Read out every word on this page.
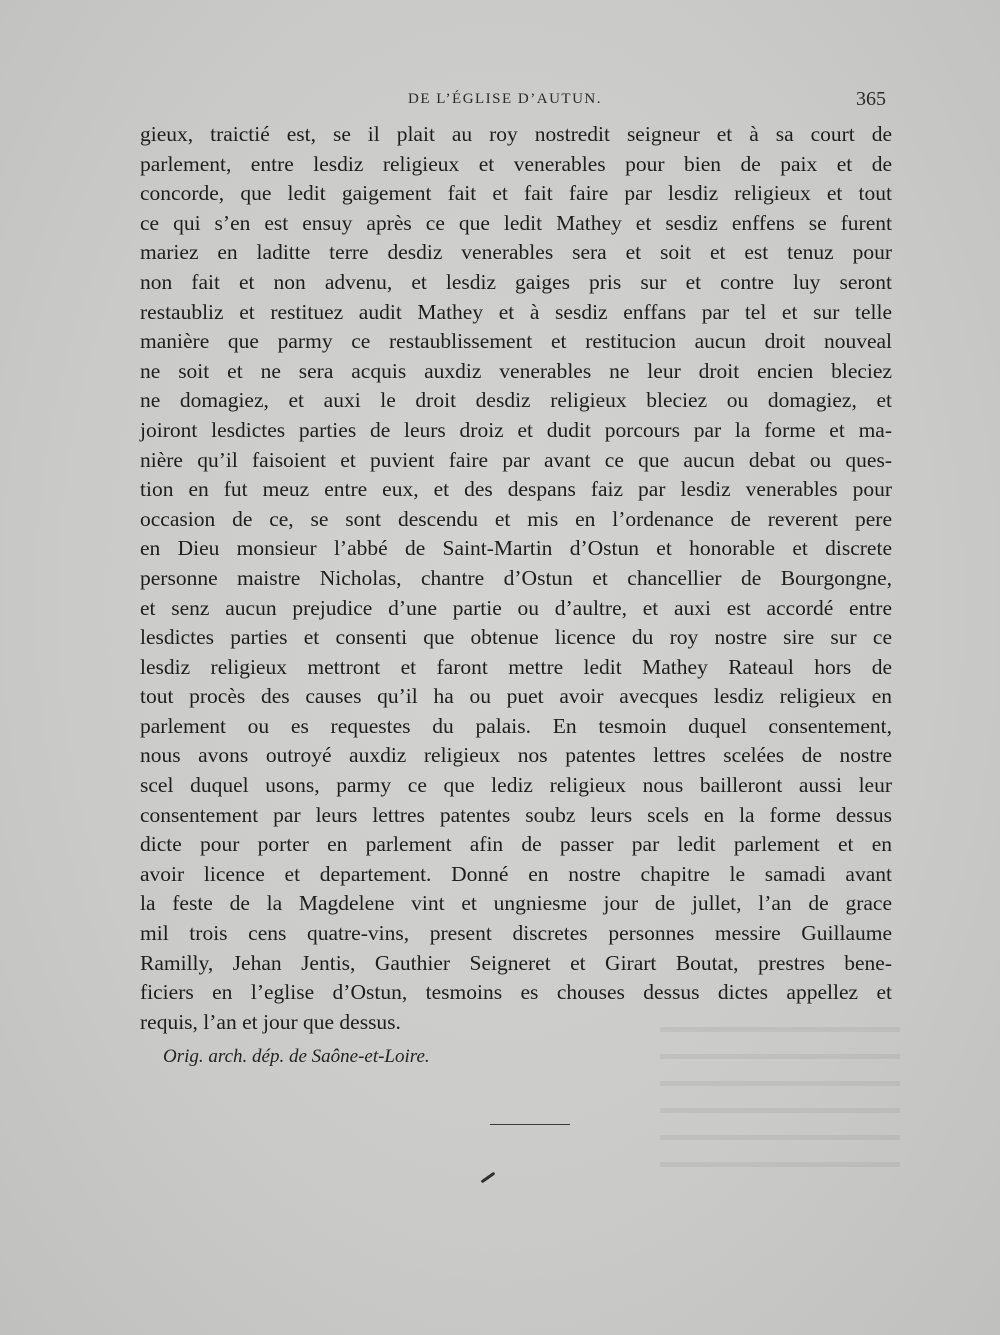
DE L’ÉGLISE D’AUTUN.	365
gieux, traictié est, se il plait au roy nostredit seigneur et à sa court de
parlement, entre lesdiz religieux et venerables pour bien de paix et de
concorde, que ledit gaigement fait et fait faire par lesdiz religieux et tout
ce qui s’en est ensuy après ce que ledit Mathey et sesdiz enffens se furent
mariez en laditte terre desdiz venerables sera et soit et est tenuz pour
non fait et non advenu, et lesdiz gaiges pris sur et contre luy seront
restaubliz et restituez audit Mathey et à sesdiz enffans par tel et sur telle
manière que parmy ce restaublissement et restitucion aucun droit nouveal
ne soit et ne sera acquis auxdiz venerables ne leur droit encien bleciez
ne domagiez, et auxi le droit desdiz religieux bleciez ou domagiez, et
joiront lesdictes parties de leurs droiz et dudit porcours par la forme et ma-
nière qu’il faisoient et puvient faire par avant ce que aucun debat ou ques-
tion en fut meuz entre eux, et des despans faiz par lesdiz venerables pour
occasion de ce, se sont descendu et mis en l’ordenance de reverent pere
en Dieu monsieur l’abbé de Saint-Martin d’Ostun et honorable et discrete
personne maistre Nicholas, chantre d’Ostun et chancellier de Bourgongne,
et senz aucun prejudice d’une partie ou d’aultre, et auxi est accordé entre
lesdictes parties et consenti que obtenue licence du roy nostre sire sur ce
lesdiz religieux mettront et faront mettre ledit Mathey Rateaul hors de
tout procès des causes qu’il ha ou puet avoir avecques lesdiz religieux en
parlement ou es requestes du palais. En tesmoin duquel consentement,
nous avons outroyé auxdiz religieux nos patentes lettres scelées de nostre
scel duquel usons, parmy ce que lediz religieux nous bailleront aussi leur
consentement par leurs lettres patentes soubz leurs scels en la forme dessus
dicte pour porter en parlement afin de passer par ledit parlement et en
avoir licence et departement. Donné en nostre chapitre le samadi avant
la feste de la Magdelene vint et ungniesme jour de jullet, l’an de grace
mil trois cens quatre-vins, present discretes personnes messire Guillaume
Ramilly, Jehan Jentis, Gauthier Seigneret et Girart Boutat, prestres bene-
ficiers en l’eglise d’Ostun, tesmoins es chouses dessus dictes appellez et
requis, l’an et jour que dessus.
Orig. arch. dép. de Saône-et-Loire.
